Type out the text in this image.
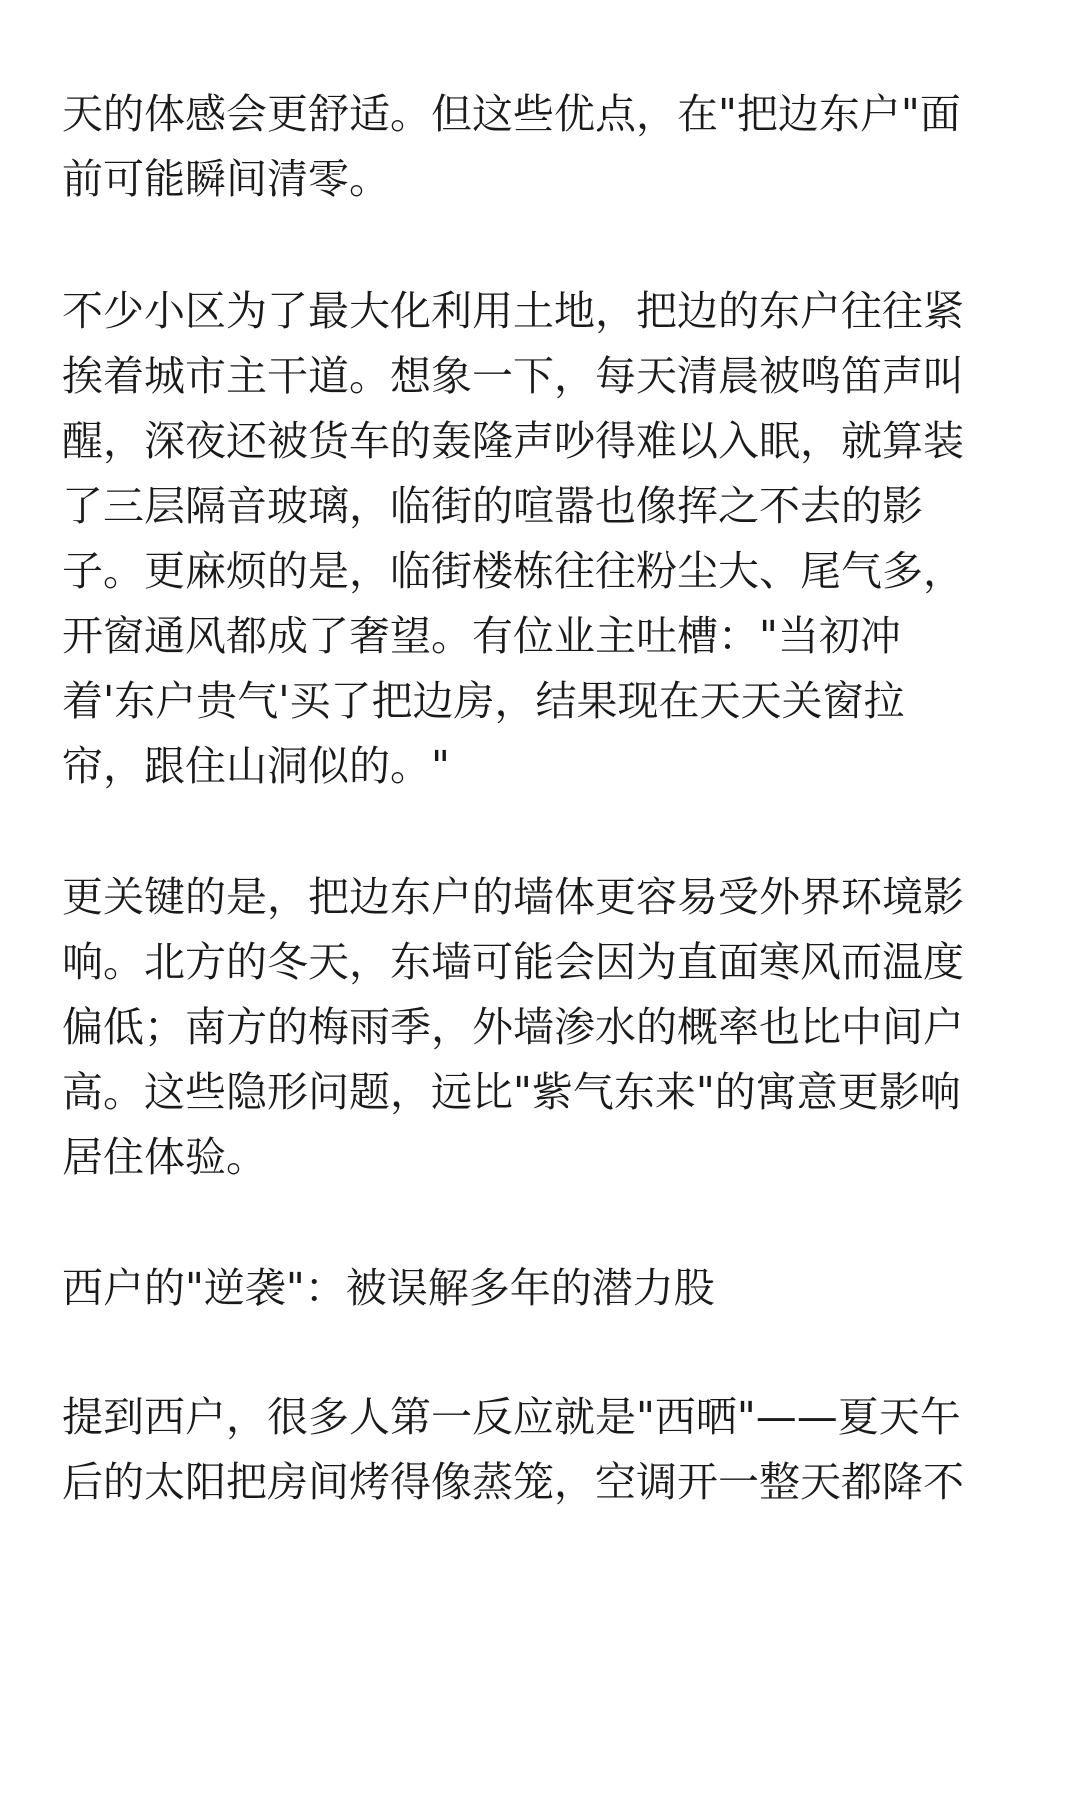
天的体感会更舒适。但这些优点，在"把边东户"面
前可能瞬间清零。

不少小区为了最大化利用土地，把边的东户往往紧
挨着城市主干道。想象一下，每天清晨被鸣笛声叫
醒，深夜还被货车的轰隆声吵得难以入眠，就算装
了三层隔音玻璃，临街的喧嚣也像挥之不去的影
子。更麻烦的是，临街楼栋往往粉尘大、尾气多，
开窗通风都成了奢望。有位业主吐槽："当初冲
着'东户贵气'买了把边房，结果现在天天关窗拉
帘，跟住山洞似的。"

更关键的是，把边东户的墙体更容易受外界环境影
响。北方的冬天，东墙可能会因为直面寒风而温度
偏低；南方的梅雨季，外墙渗水的概率也比中间户
高。这些隐形问题，远比"紫气东来"的寓意更影响
居住体验。

西户的"逆袭"：被误解多年的潜力股

提到西户，很多人第一反应就是"西晒"——夏天午
后的太阳把房间烤得像蒸笼，空调开一整天都降不
